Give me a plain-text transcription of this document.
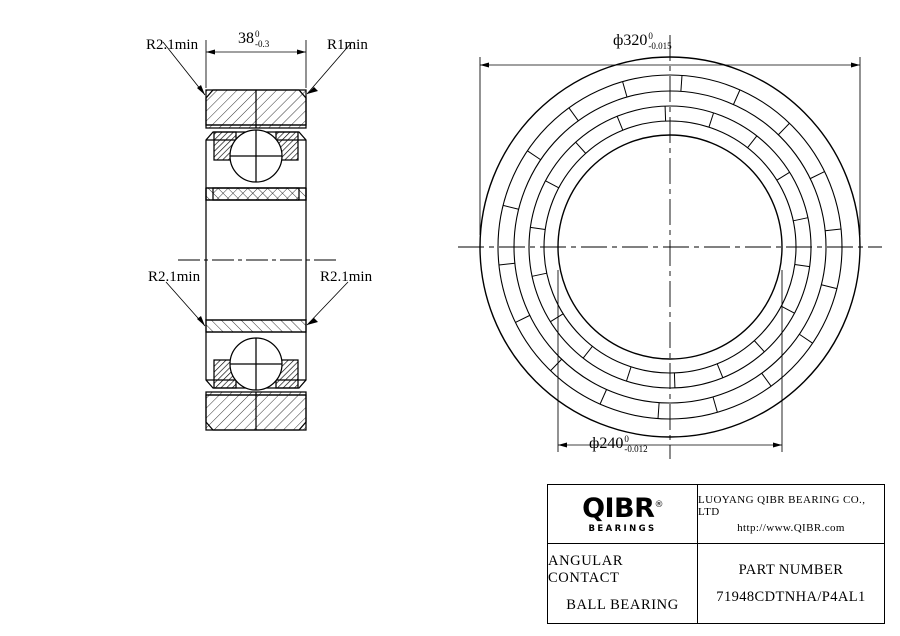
R2.1min 38 0
-0.3	R1min
R2.1min	R2.1min
ф320 0
-0.015
ф240 0
-0.012
QIBR®
BEARINGS
LUOYANG QIBR BEARING CO., LTD
http://www.QIBR.com
ANGULAR CONTACT
BALL BEARING
PART NUMBER
71948CDTNHA/P4AL1
